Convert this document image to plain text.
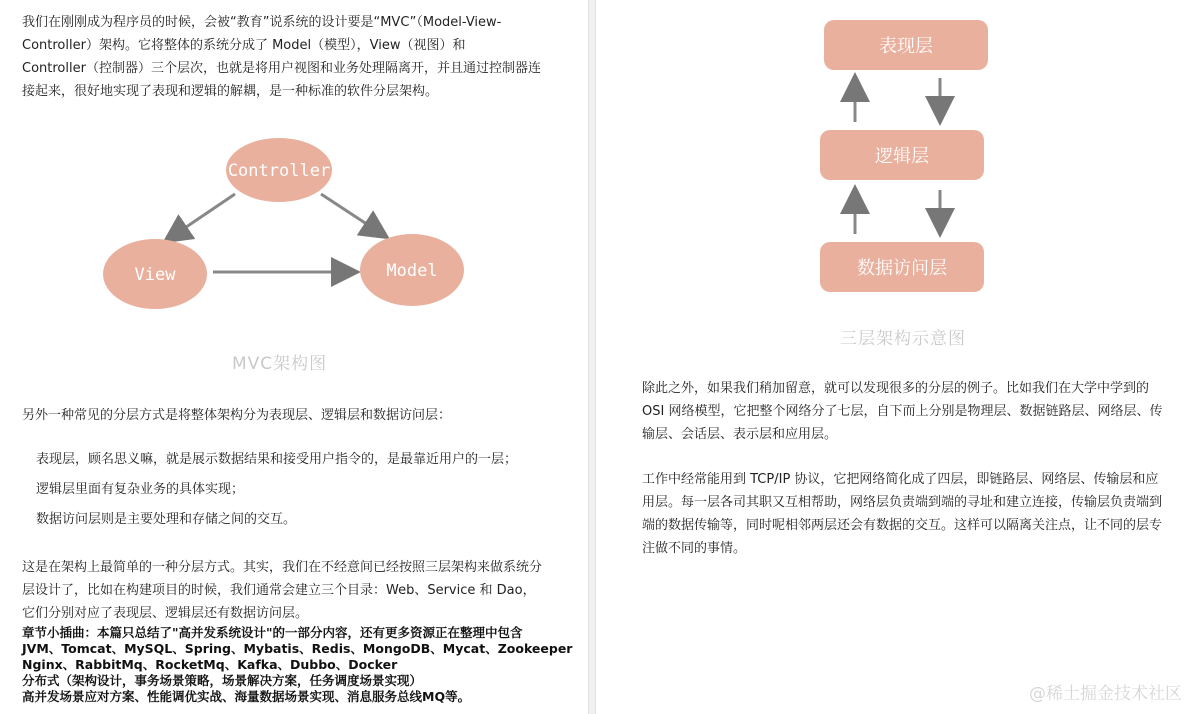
我们在刚刚成为程序员的时候，会被“教育”说系统的设计要是“MVC”（Model-View-

Controller）架构。它将整体的系统分成了 Model（模型），View（视图）和

Controller（控制器）三个层次，也就是将用户视图和业务处理隔离开，并且通过控制器连

接起来，很好地实现了表现和逻辑的解耦，是一种标准的软件分层架构。

Controller
View	Model
MVC架构图

另外一种常见的分层方式是将整体架构分为表现层、逻辑层和数据访问层：

表现层，顾名思义嘛，就是展示数据结果和接受用户指令的，是最靠近用户的一层；

逻辑层里面有复杂业务的具体实现；

数据访问层则是主要处理和存储之间的交互。

这是在架构上最简单的一种分层方式。其实，我们在不经意间已经按照三层架构来做系统分

层设计了，比如在构建项目的时候，我们通常会建立三个目录：Web、Service 和 Dao，

它们分别对应了表现层、逻辑层还有数据访问层。

章节小插曲：本篇只总结了"高并发系统设计"的一部分内容，还有更多资源正在整理中包含

JVM、Tomcat、MySQL、Spring、Mybatis、Redis、MongoDB、Mycat、Zookeeper

Nginx、RabbitMq、RocketMq、Kafka、Dubbo、Docker

分布式（架构设计，事务场景策略，场景解决方案，任务调度场景实现）

高并发场景应对方案、性能调优实战、海量数据场景实现、消息服务总线MQ等。

表现层
逻辑层
数据访问层
三层架构示意图

除此之外，如果我们稍加留意，就可以发现很多的分层的例子。比如我们在大学中学到的

OSI 网络模型，它把整个网络分了七层，自下而上分别是物理层、数据链路层、网络层、传

输层、会话层、表示层和应用层。

工作中经常能用到 TCP/IP 协议，它把网络简化成了四层，即链路层、网络层、传输层和应

用层。每一层各司其职又互相帮助，网络层负责端到端的寻址和建立连接，传输层负责端到

端的数据传输等，同时呢相邻两层还会有数据的交互。这样可以隔离关注点，让不同的层专

注做不同的事情。

@稀土掘金技术社区
